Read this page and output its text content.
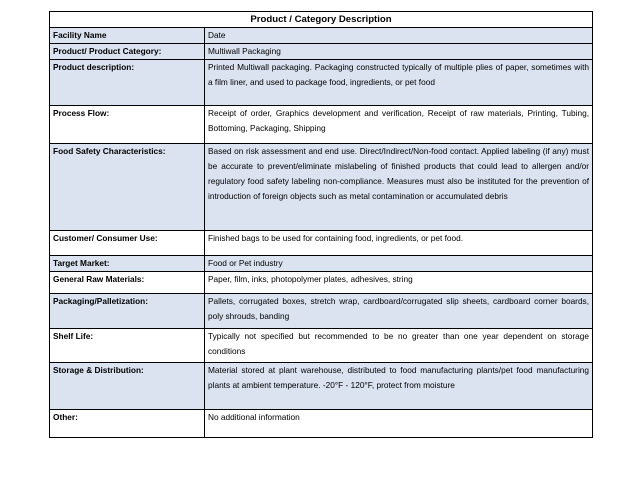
Product / Category Description	
Facility Name	Date
Product/ Product Category:	Multiwall Packaging
Product description:	Printed Multiwall packaging. Packaging constructed typically of multiple plies of paper, sometimes with a film liner, and used to package food, ingredients, or pet food
Process Flow:	Receipt of order, Graphics development and verification, Receipt of raw materials, Printing, Tubing, Bottoming, Packaging, Shipping
Food Safety Characteristics:	Based on risk assessment and end use. Direct/Indirect/Non-food contact. Applied labeling (if any) must be accurate to prevent/eliminate mislabeling of finished products that could lead to allergen and/or regulatory food safety labeling non-compliance. Measures must also be instituted for the prevention of introduction of foreign objects such as metal contamination or accumulated debris
Customer/ Consumer Use:	Finished bags to be used for containing food, ingredients, or pet food.
Target Market:	Food or Pet industry
General Raw Materials:	Paper, film, inks, photopolymer plates, adhesives, string
Packaging/Palletization:	Pallets, corrugated boxes, stretch wrap, cardboard/corrugated slip sheets, cardboard corner boards, poly shrouds, banding
Shelf Life:	Typically not specified but recommended to be no greater than one year dependent on storage conditions
Storage & Distribution:	Material stored at plant warehouse, distributed to food manufacturing plants/pet food manufacturing plants at ambient temperature. -20°F - 120°F, protect from moisture
Other:	No additional information
